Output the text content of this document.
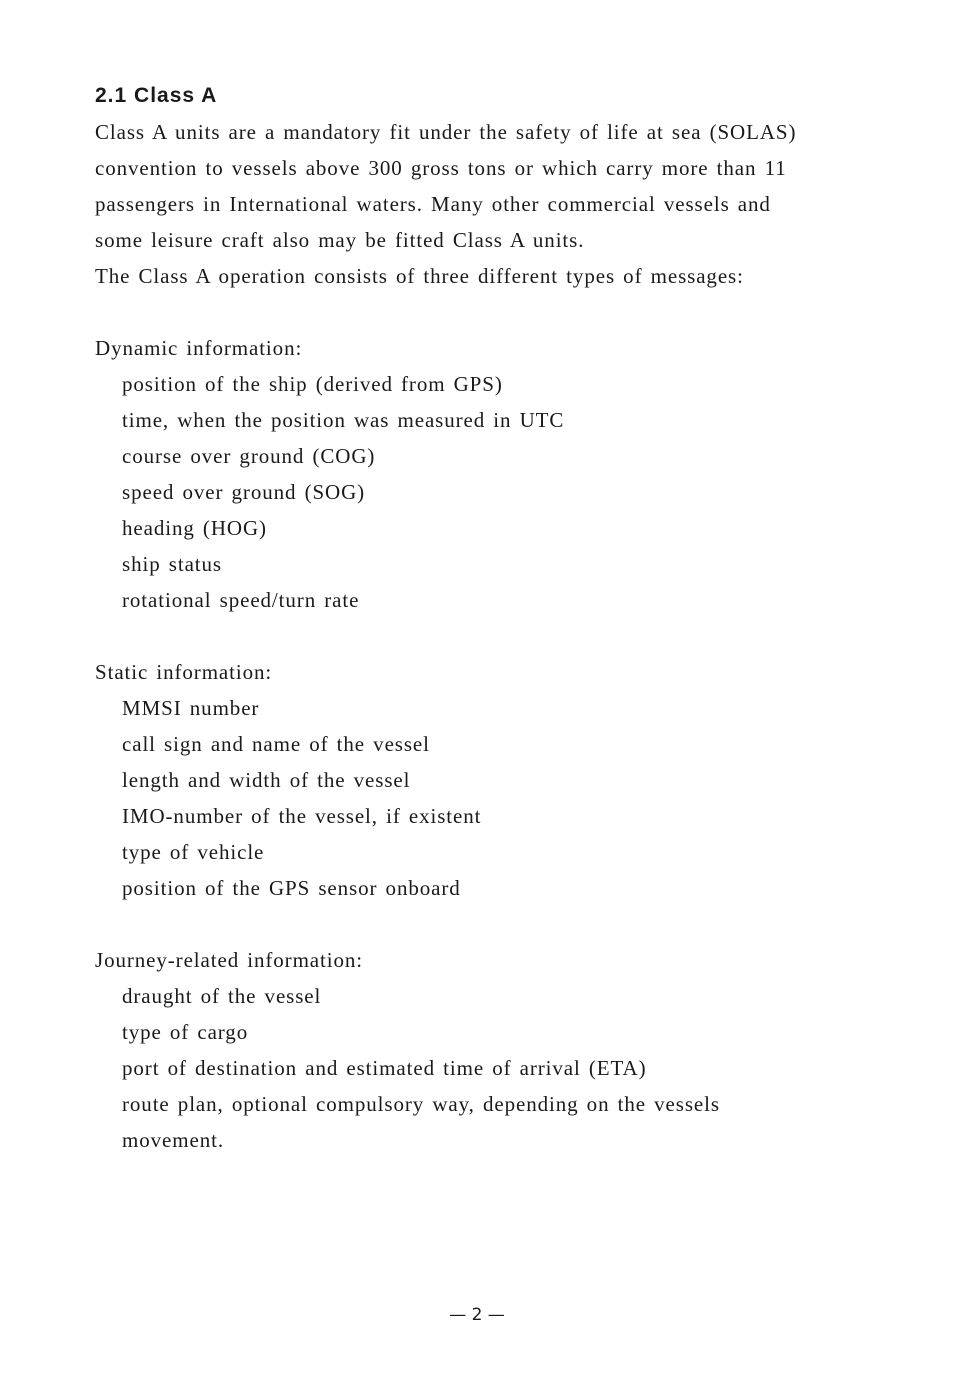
2.1 Class A
Class A units are a mandatory fit under the safety of life at sea (SOLAS)
convention to vessels above 300 gross tons or which carry more than 11
passengers in International waters. Many other commercial vessels and
some leisure craft also may be fitted Class A units.
The Class A operation consists of three different types of messages:
Dynamic information:
position of the ship (derived from GPS)
time, when the position was measured in UTC
course over ground (COG)
speed over ground (SOG)
heading (HOG)
ship status
rotational speed/turn rate
Static information:
MMSI number
call sign and name of the vessel
length and width of the vessel
IMO-number of the vessel, if existent
type of vehicle
position of the GPS sensor onboard
Journey-related information:
draught of the vessel
type of cargo
port of destination and estimated time of arrival (ETA)
route plan, optional compulsory way, depending on the vessels
movement.
— 2 —
